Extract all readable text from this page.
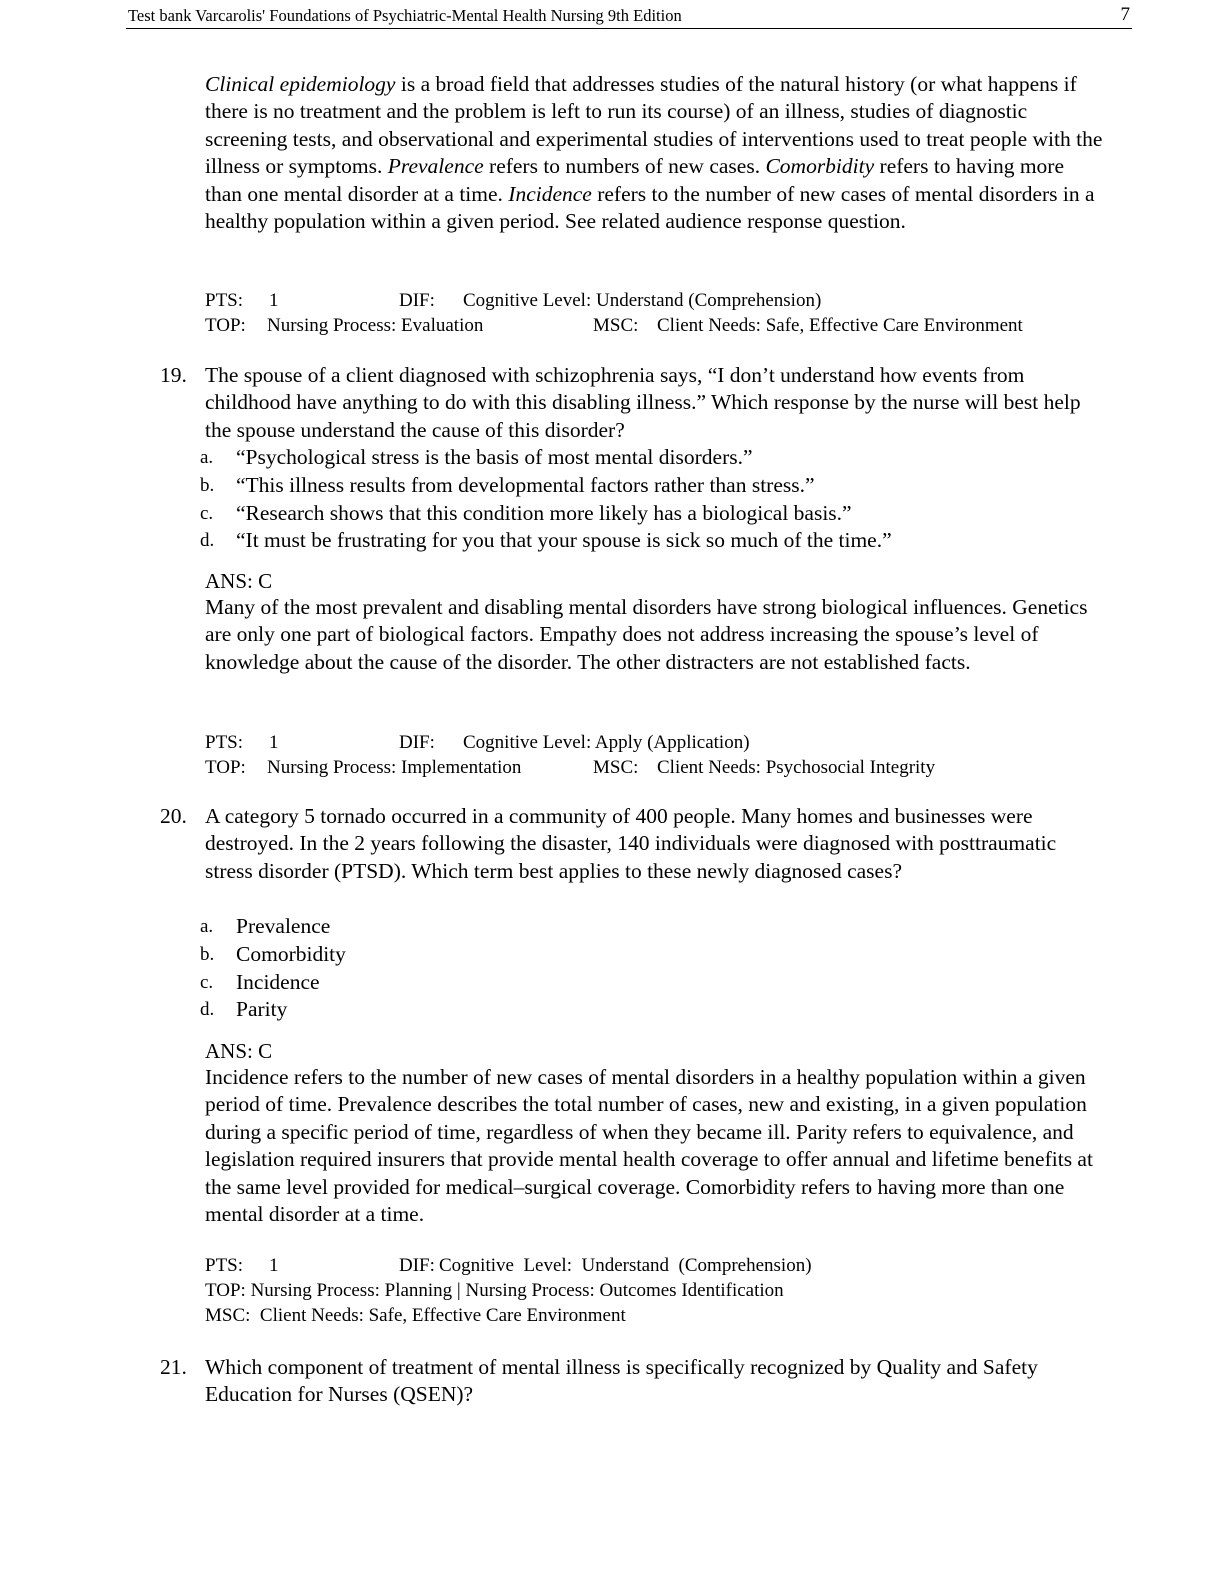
Test bank Varcarolis' Foundations of Psychiatric-Mental Health Nursing 9th Edition	7
Clinical epidemiology is a broad field that addresses studies of the natural history (or what happens if there is no treatment and the problem is left to run its course) of an illness, studies of diagnostic screening tests, and observational and experimental studies of interventions used to treat people with the illness or symptoms. Prevalence refers to numbers of new cases. Comorbidity refers to having more than one mental disorder at a time. Incidence refers to the number of new cases of mental disorders in a healthy population within a given period. See related audience response question.
PTS: 1	DIF: Cognitive Level: Understand (Comprehension)
TOP: Nursing Process: Evaluation	MSC: Client Needs: Safe, Effective Care Environment
19. The spouse of a client diagnosed with schizophrenia says, “I don’t understand how events from childhood have anything to do with this disabling illness.” Which response by the nurse will best help the spouse understand the cause of this disorder?
a. “Psychological stress is the basis of most mental disorders.”
b. “This illness results from developmental factors rather than stress.”
c. “Research shows that this condition more likely has a biological basis.”
d. “It must be frustrating for you that your spouse is sick so much of the time.”
ANS: C
Many of the most prevalent and disabling mental disorders have strong biological influences. Genetics are only one part of biological factors. Empathy does not address increasing the spouse’s level of knowledge about the cause of the disorder. The other distracters are not established facts.
PTS: 1	DIF: Cognitive Level: Apply (Application)
TOP: Nursing Process: Implementation	MSC: Client Needs: Psychosocial Integrity
20. A category 5 tornado occurred in a community of 400 people. Many homes and businesses were destroyed. In the 2 years following the disaster, 140 individuals were diagnosed with posttraumatic stress disorder (PTSD). Which term best applies to these newly diagnosed cases?
a. Prevalence
b. Comorbidity
c. Incidence
d. Parity
ANS: C
Incidence refers to the number of new cases of mental disorders in a healthy population within a given period of time. Prevalence describes the total number of cases, new and existing, in a given population during a specific period of time, regardless of when they became ill. Parity refers to equivalence, and legislation required insurers that provide mental health coverage to offer annual and lifetime benefits at the same level provided for medical–surgical coverage. Comorbidity refers to having more than one mental disorder at a time.
PTS: 1	DIF: Cognitive  Level:  Understand  (Comprehension)
TOP: Nursing Process: Planning | Nursing Process: Outcomes Identification
MSC:  Client Needs: Safe, Effective Care Environment
21. Which component of treatment of mental illness is specifically recognized by Quality and Safety Education for Nurses (QSEN)?
